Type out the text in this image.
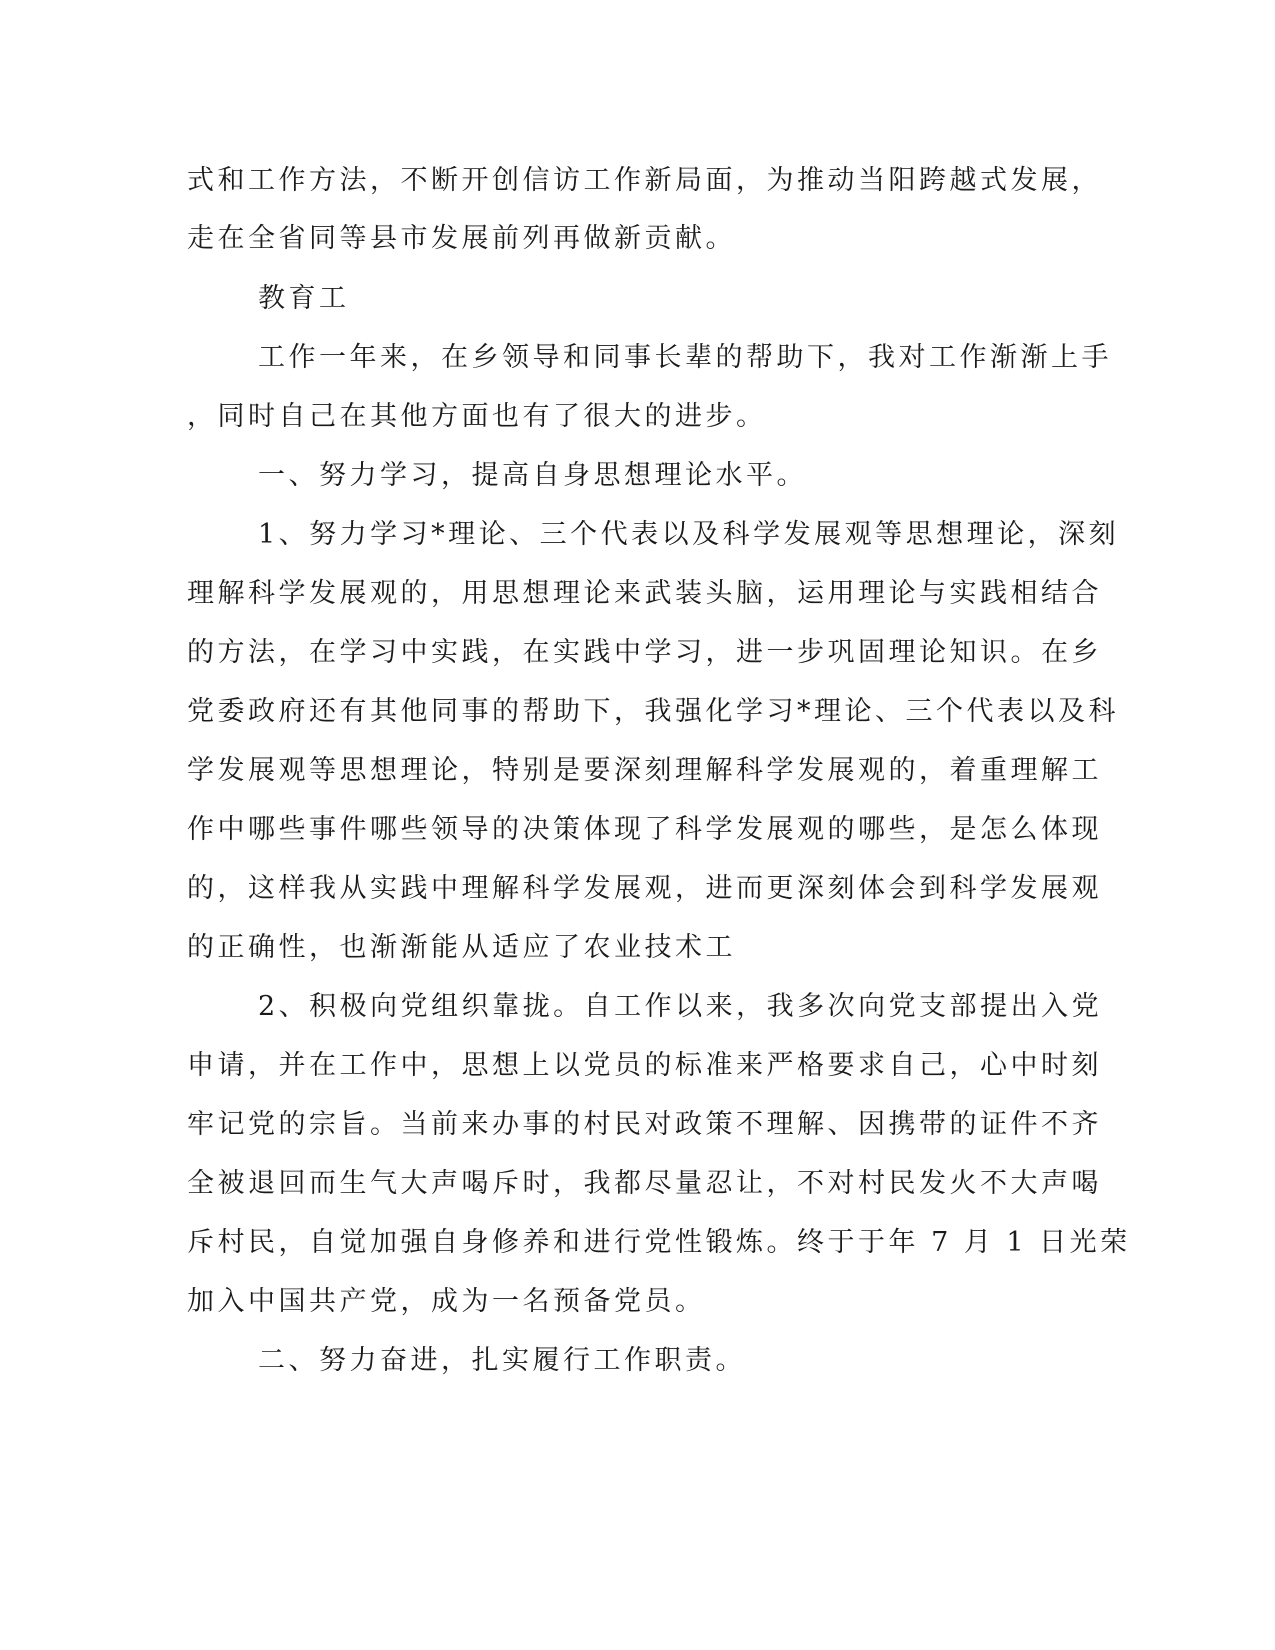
式和工作方法，不断开创信访工作新局面，为推动当阳跨越式发展，
走在全省同等县市发展前列再做新贡献。
教育工
工作一年来，在乡领导和同事长辈的帮助下，我对工作渐渐上手
，同时自己在其他方面也有了很大的进步。
一、努力学习，提高自身思想理论水平。
1、努力学习*理论、三个代表以及科学发展观等思想理论，深刻
理解科学发展观的，用思想理论来武装头脑，运用理论与实践相结合
的方法，在学习中实践，在实践中学习，进一步巩固理论知识。在乡
党委政府还有其他同事的帮助下，我强化学习*理论、三个代表以及科
学发展观等思想理论，特别是要深刻理解科学发展观的，着重理解工
作中哪些事件哪些领导的决策体现了科学发展观的哪些，是怎么体现
的，这样我从实践中理解科学发展观，进而更深刻体会到科学发展观
的正确性，也渐渐能从适应了农业技术工
2、积极向党组织靠拢。自工作以来，我多次向党支部提出入党
申请，并在工作中，思想上以党员的标准来严格要求自己，心中时刻
牢记党的宗旨。当前来办事的村民对政策不理解、因携带的证件不齐
全被退回而生气大声喝斥时，我都尽量忍让，不对村民发火不大声喝
斥村民，自觉加强自身修养和进行党性锻炼。终于于年 7 月 1 日光荣
加入中国共产党，成为一名预备党员。
二、努力奋进，扎实履行工作职责。
